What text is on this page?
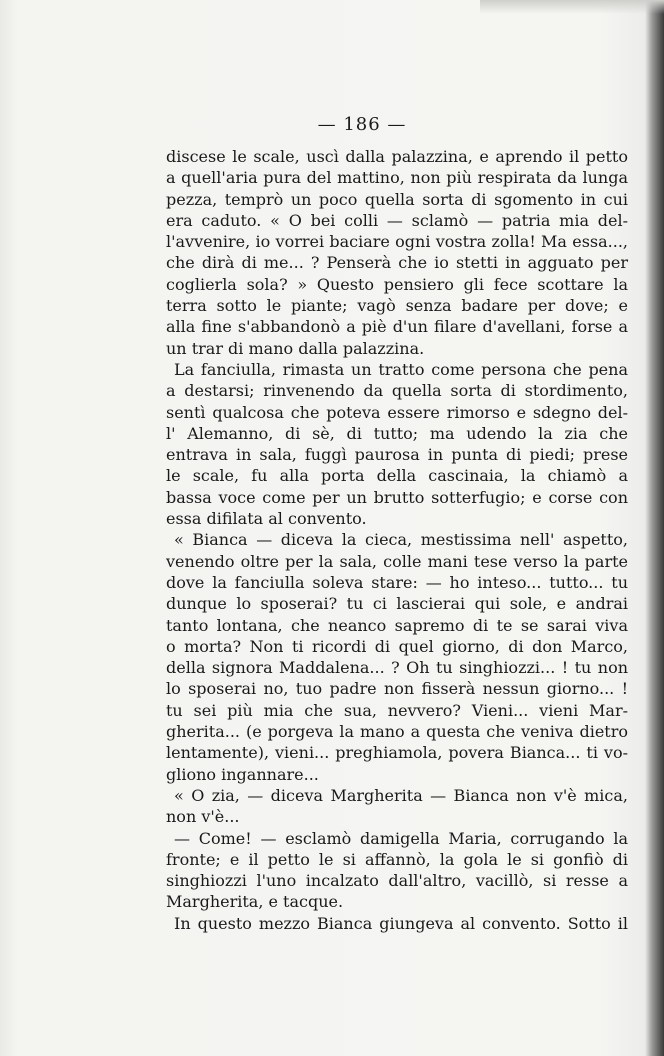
— 186 —
discese le scale, uscì dalla palazzina, e aprendo il petto
a quell'aria pura del mattino, non più respirata da lunga
pezza, temprò un poco quella sorta di sgomento in cui
era caduto. « O bei colli — sclamò — patria mia del-
l'avvenire, io vorrei baciare ogni vostra zolla! Ma essa...,
che dirà di me... ? Penserà che io stetti in agguato per
coglierla sola? » Questo pensiero gli fece scottare la
terra sotto le piante; vagò senza badare per dove; e
alla fine s'abbandonò a piè d'un filare d'avellani, forse a
un trar di mano dalla palazzina.
La fanciulla, rimasta un tratto come persona che pena
a destarsi; rinvenendo da quella sorta di stordimento,
sentì qualcosa che poteva essere rimorso e sdegno del-
l' Alemanno, di sè, di tutto; ma udendo la zia che
entrava in sala, fuggì paurosa in punta di piedi; prese
le scale, fu alla porta della cascinaia, la chiamò a
bassa voce come per un brutto sotterfugio; e corse con
essa difilata al convento.
« Bianca — diceva la cieca, mestissima nell' aspetto,
venendo oltre per la sala, colle mani tese verso la parte
dove la fanciulla soleva stare: — ho inteso... tutto... tu
dunque lo sposerai? tu ci lascierai qui sole, e andrai
tanto lontana, che neanco sapremo di te se sarai viva
o morta? Non ti ricordi di quel giorno, di don Marco,
della signora Maddalena... ? Oh tu singhiozzi... ! tu non
lo sposerai no, tuo padre non fisserà nessun giorno... !
tu sei più mia che sua, nevvero? Vieni... vieni Mar-
gherita... (e porgeva la mano a questa che veniva dietro
lentamente), vieni... preghiamola, povera Bianca... ti vo-
gliono ingannare...
« O zia, — diceva Margherita — Bianca non v'è mica,
non v'è...
— Come! — esclamò damigella Maria, corrugando la
fronte; e il petto le si affannò, la gola le si gonfiò di
singhiozzi l'uno incalzato dall'altro, vacillò, si resse a
Margherita, e tacque.
In questo mezzo Bianca giungeva al convento. Sotto il
